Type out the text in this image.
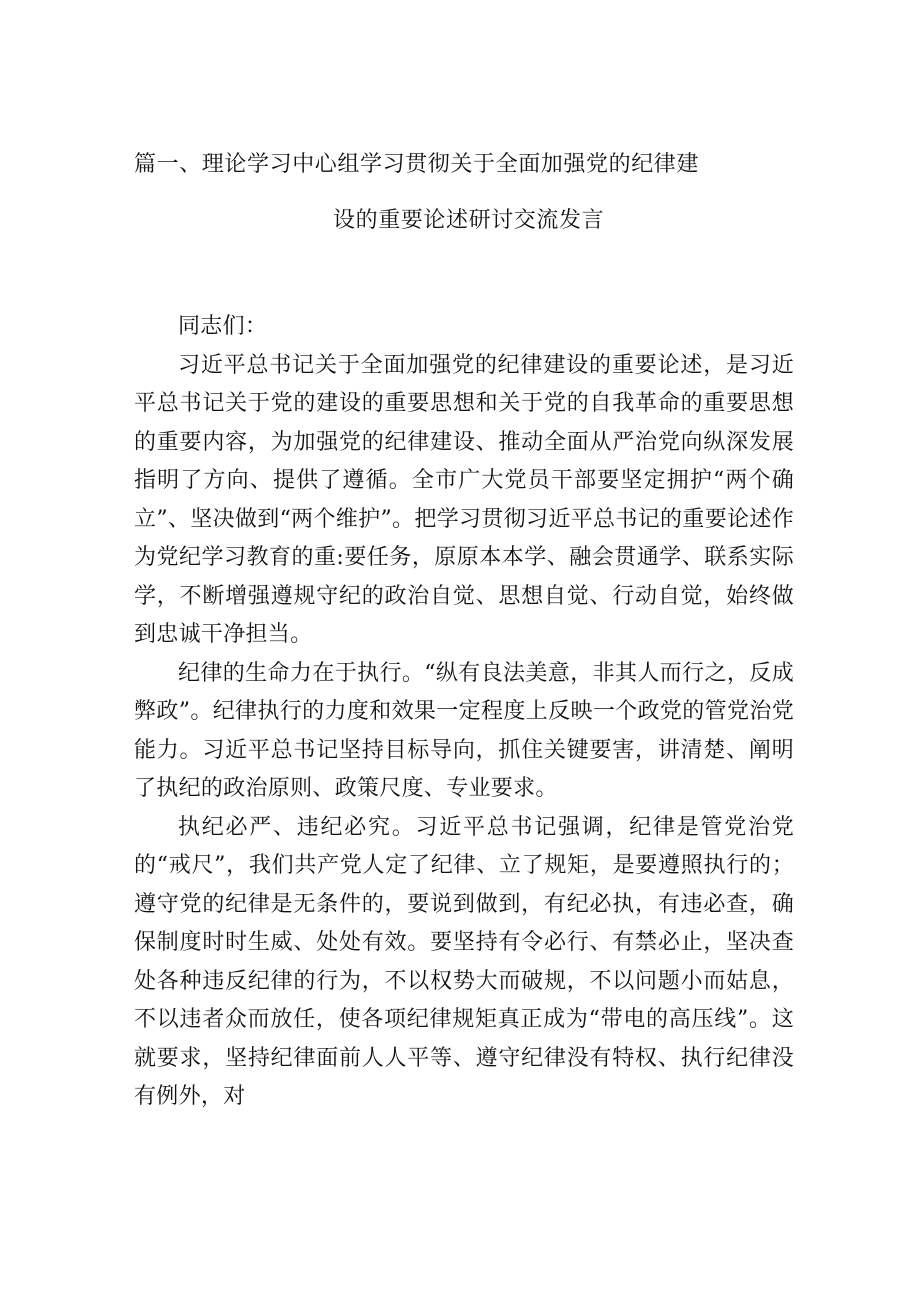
篇一、理论学习中心组学习贯彻关于全面加强党的纪律建
设的重要论述研讨交流发言

同志们：

习近平总书记关于全面加强党的纪律建设的重要论述，是习近平总书记关于党的建设的重要思想和关于党的自我革命的重要思想的重要内容，为加强党的纪律建设、推动全面从严治党向纵深发展指明了方向、提供了遵循。全市广大党员干部要坚定拥护“两个确立”、坚决做到“两个维护”。把学习贯彻习近平总书记的重要论述作为党纪学习教育的重:要任务，原原本本学、融会贯通学、联系实际学，不断增强遵规守纪的政治自觉、思想自觉、行动自觉，始终做到忠诚干净担当。

纪律的生命力在于执行。“纵有良法美意，非其人而行之，反成弊政”。纪律执行的力度和效果一定程度上反映一个政党的管党治党能力。习近平总书记坚持目标导向，抓住关键要害，讲清楚、阐明了执纪的政治原则、政策尺度、专业要求。

执纪必严、违纪必究。习近平总书记强调，纪律是管党治党的“戒尺”，我们共产党人定了纪律、立了规矩，是要遵照执行的；遵守党的纪律是无条件的，要说到做到，有纪必执，有违必查，确保制度时时生威、处处有效。要坚持有令必行、有禁必止，坚决查处各种违反纪律的行为，不以权势大而破规，不以问题小而姑息，不以违者众而放任，使各项纪律规矩真正成为“带电的高压线”。这就要求，坚持纪律面前人人平等、遵守纪律没有特权、执行纪律没有例外，对
